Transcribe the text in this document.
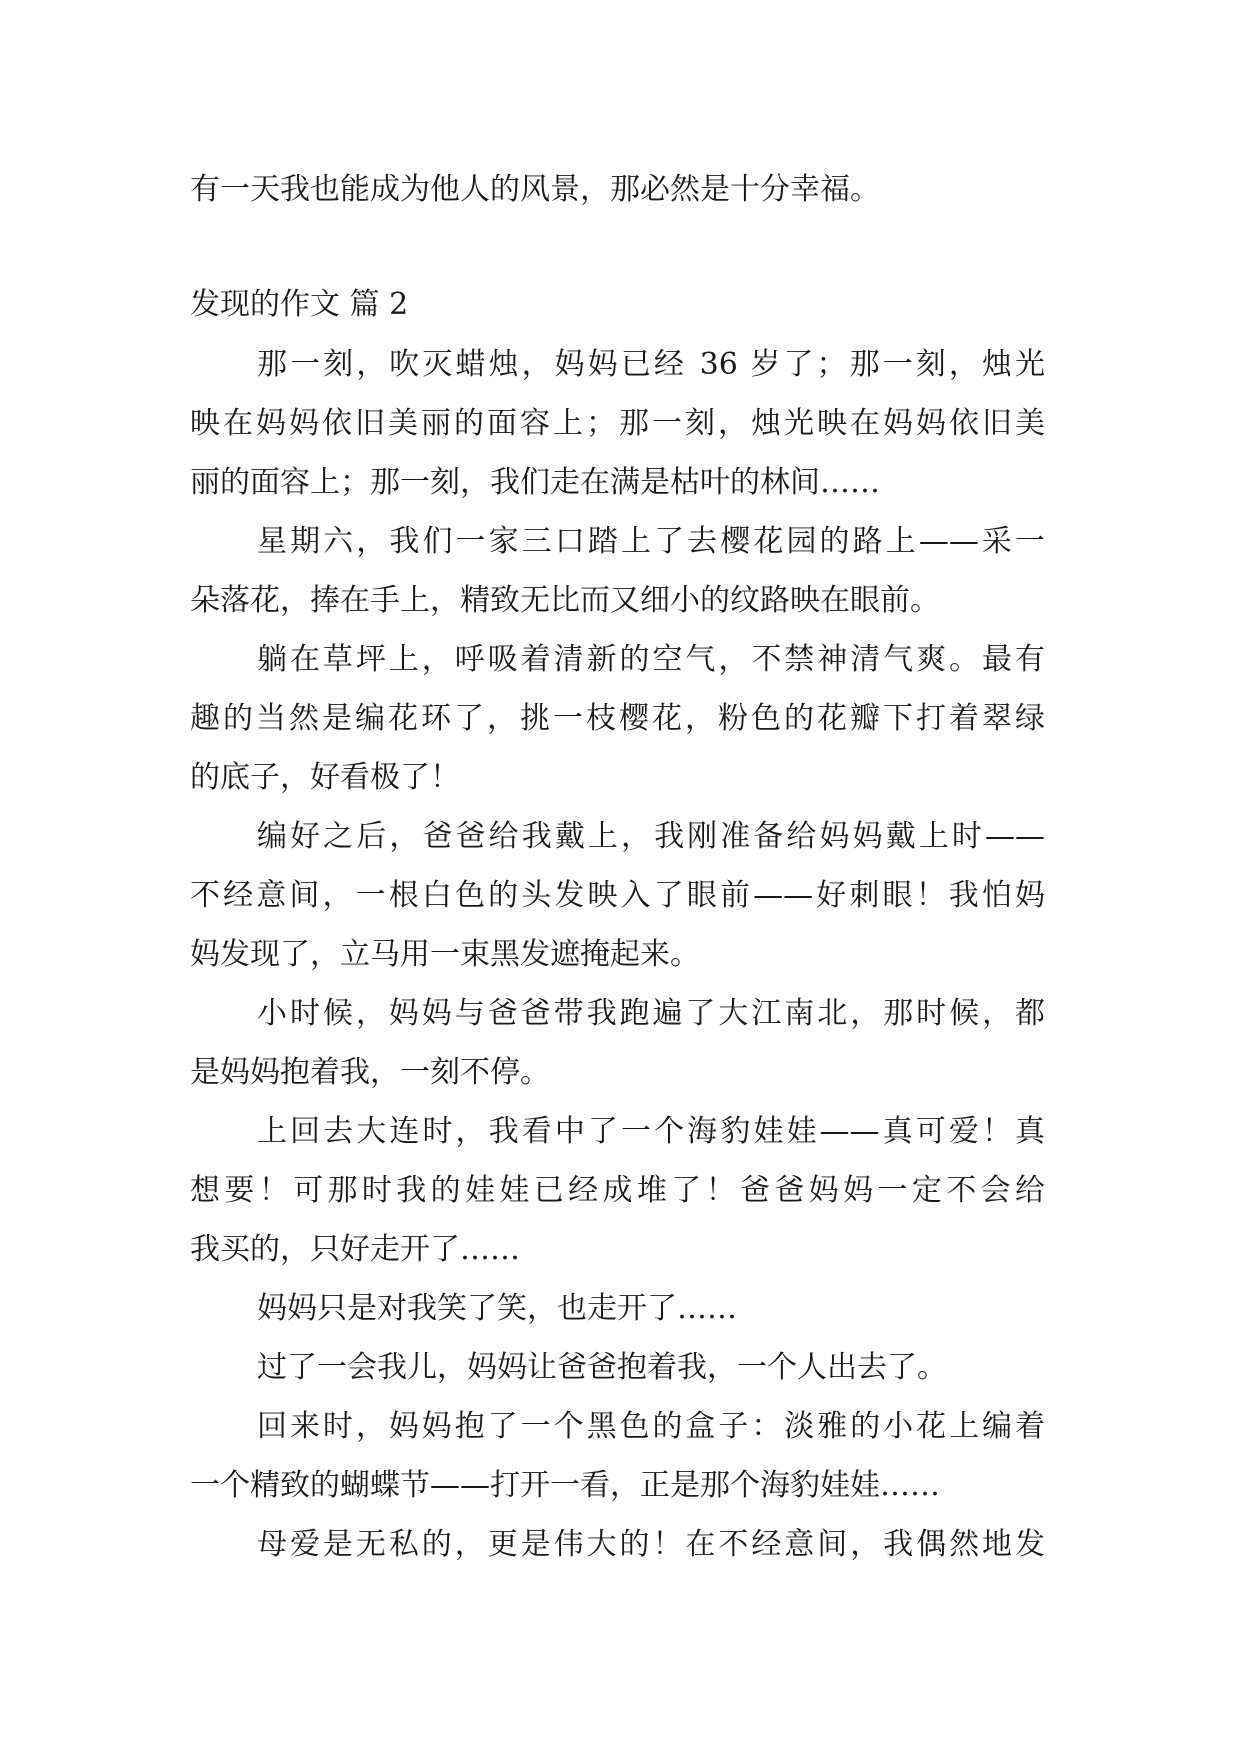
有一天我也能成为他人的风景，那必然是十分幸福。
发现的作文 篇 2
那一刻，吹灭蜡烛，妈妈已经 36 岁了；那一刻，烛光
映在妈妈依旧美丽的面容上；那一刻，烛光映在妈妈依旧美
丽的面容上；那一刻，我们走在满是枯叶的林间……
星期六，我们一家三口踏上了去樱花园的路上——采一
朵落花，捧在手上，精致无比而又细小的纹路映在眼前。
躺在草坪上，呼吸着清新的空气，不禁神清气爽。最有
趣的当然是编花环了，挑一枝樱花，粉色的花瓣下打着翠绿
的底子，好看极了！
编好之后，爸爸给我戴上，我刚准备给妈妈戴上时——
不经意间，一根白色的头发映入了眼前——好刺眼！我怕妈
妈发现了，立马用一束黑发遮掩起来。
小时候，妈妈与爸爸带我跑遍了大江南北，那时候，都
是妈妈抱着我，一刻不停。
上回去大连时，我看中了一个海豹娃娃——真可爱！真
想要！可那时我的娃娃已经成堆了！爸爸妈妈一定不会给
我买的，只好走开了……
妈妈只是对我笑了笑，也走开了……
过了一会我儿，妈妈让爸爸抱着我，一个人出去了。
回来时，妈妈抱了一个黑色的盒子：淡雅的小花上编着
一个精致的蝴蝶节——打开一看，正是那个海豹娃娃……
母爱是无私的，更是伟大的！在不经意间，我偶然地发
